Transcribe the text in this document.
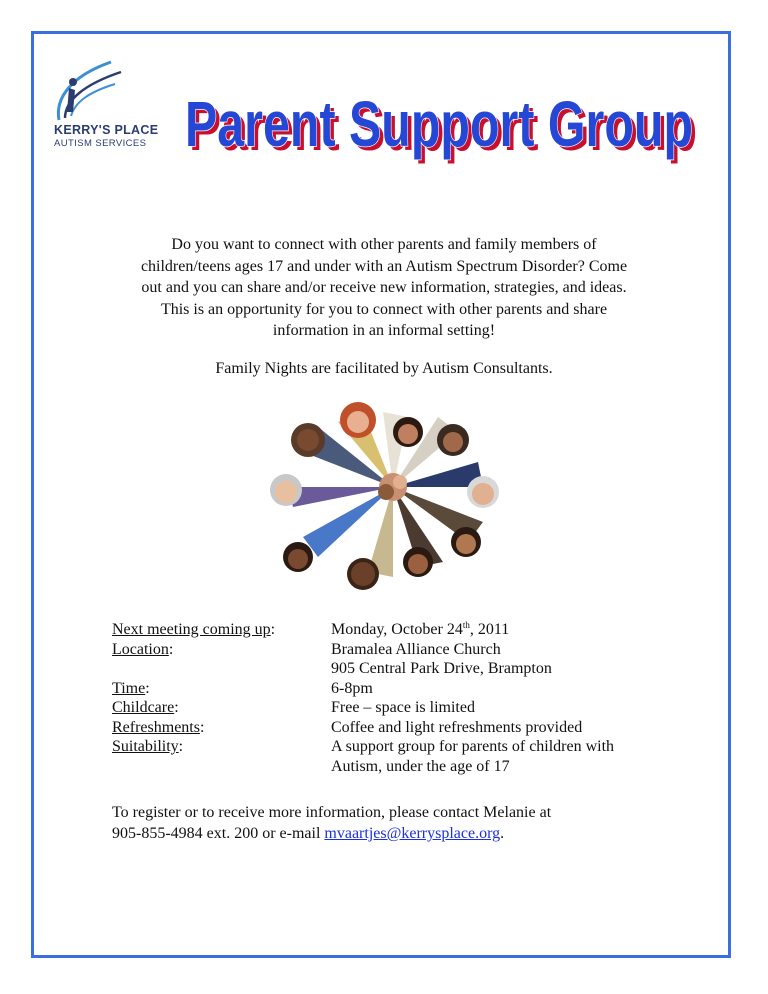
KERRY'S PLACE
AUTISM SERVICES Parent Support Group
Parent Support Group

Do you want to connect with other parents and family members of
children/teens ages 17 and under with an Autism Spectrum Disorder? Come
out and you can share and/or receive new information, strategies, and ideas.
This is an opportunity for you to connect with other parents and share
information in an informal setting!

Family Nights are facilitated by Autism Consultants.

Next meeting coming up:	Monday, October 24th, 2011
Location:	Bramalea Alliance Church
905 Central Park Drive, Brampton
Time:	6-8pm
Childcare:	Free – space is limited
Refreshments:	Coffee and light refreshments provided
Suitability:	A support group for parents of children with
Autism, under the age of 17

To register or to receive more information, please contact Melanie at
905-855-4984 ext. 200 or e-mail mvaartjes@kerrysplace.org.
